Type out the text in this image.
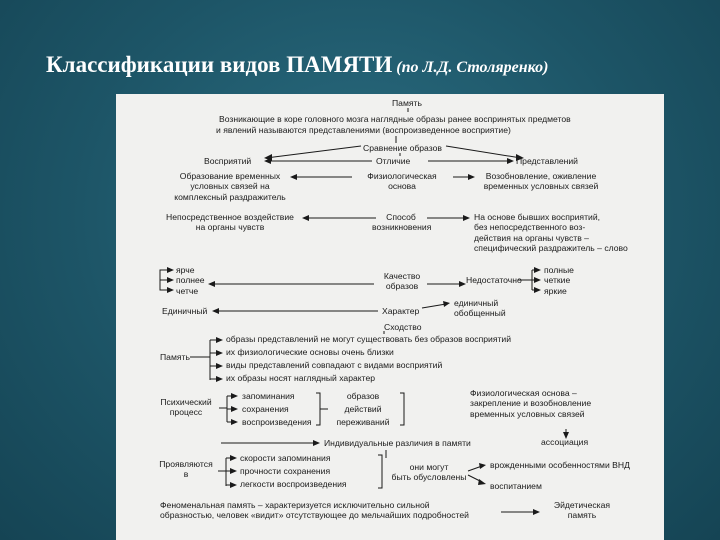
Классификации видов ПАМЯТИ (по Л.Д. Столяренко)
Память
Возникающие в коре головного мозга наглядные образы ранее воспринятых предметов
и явлений называются представлениями (воспроизведенное восприятие)
Сравнение образов
Восприятий	Отличие	Представлений
Образование временных
условных связей на
комплексный раздражитель
Физиологическая
основа
Возобновление, оживление
временных условных связей
Непосредственное воздействие
на органы чувств
Способ
возникновения
На основе бывших восприятий,
без непосредственного воз-
действия на органы чувств –
специфический раздражитель – слово
ярче
полнее
четче
Качество
образов
Недостаточно
полные
четкие
яркие
Единичный	Характер
единичный
обобщенный
Сходство
Память
образы представлений не могут существовать без образов восприятий
их физиологические основы очень близки
виды представлений совпадают с видами восприятий
их образы носят наглядный характер
Психический
процесс
запоминания
сохранения
воспроизведения
образов
действий
переживаний
Физиологическая основа –
закрепление и возобновление
временных условных связей
ассоциация
Индивидуальные различия в памяти
Проявляются
в
скорости запоминания
прочности сохранения
легкости воспроизведения
они могут
быть обусловлены
врожденными особенностями ВНД
воспитанием
Феноменальная память – характеризуется исключительно сильной
образностью, человек «видит» отсутствующее до мельчайших подробностей
Эйдетическая
память
